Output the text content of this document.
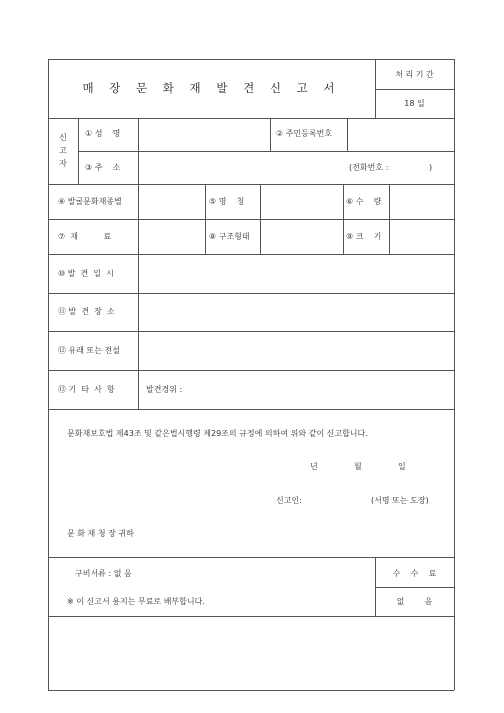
매 장 문 화 재 발 견 신 고 서
처 리 기 간
18 일
신
고
자
① 성    명	② 주민등록번호
③ 주    소	(전화번호 :                )
④ 발굴문화재종별	⑤ 명    칭	⑥ 수    량
⑦  재          료	⑧ 구조형태	⑨ 크    기
⑩ 발  견  일  시
⑪ 발  견  장  소
⑫ 유래 또는 전설
⑬ 기  타  사  항	발견경위 :
문화재보호법 제43조 및 같은법시행령 제29조의 규정에 의하여 위와 같이 신고합니다.
년	월	일
신고인:	(서명 또는 도장)
문 화 재 청 장 귀하
구비서류 : 없 음
※ 이 신고서 용지는 무료로 배부합니다.
수    수    료
없        음
